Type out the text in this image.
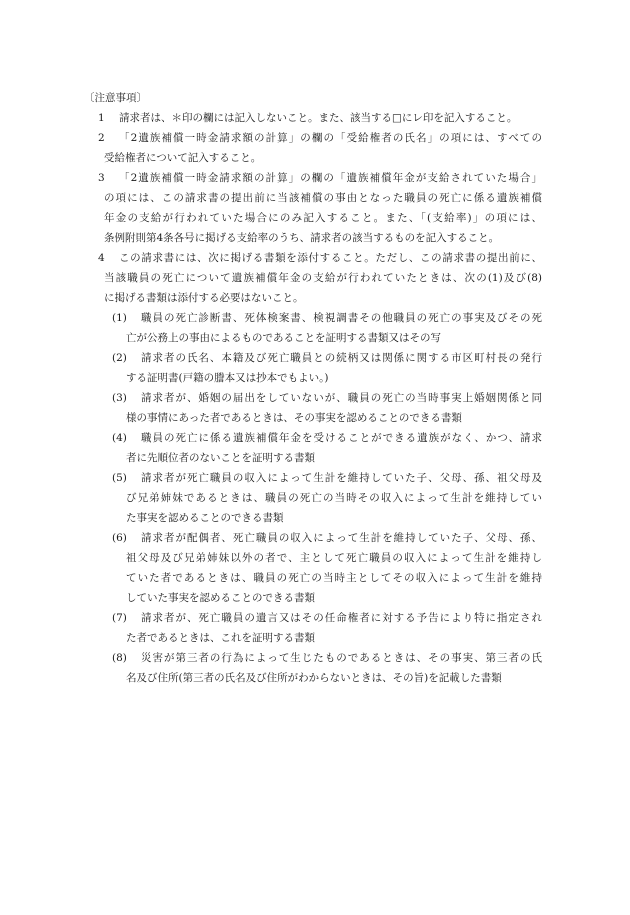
〔注意事項〕
1 請求者は、＊印の欄には記入しないこと。また、該当する□にレ印を記入すること。
2 「2遺族補償一時金請求額の計算」の欄の「受給権者の氏名」の項には、すべての
受給権者について記入すること。
3 「2遺族補償一時金請求額の計算」の欄の「遺族補償年金が支給されていた場合」
の項には、この請求書の提出前に当該補償の事由となった職員の死亡に係る遺族補償
年金の支給が行われていた場合にのみ記入すること。また、「(支給率)」の項には、
条例附則第4条各号に掲げる支給率のうち、請求者の該当するものを記入すること。
4 この請求書には、次に掲げる書類を添付すること。ただし、この請求書の提出前に、
当該職員の死亡について遺族補償年金の支給が行われていたときは、次の(1)及び(8)
に掲げる書類は添付する必要はないこと。
(1) 職員の死亡診断書、死体検案書、検視調書その他職員の死亡の事実及びその死
亡が公務上の事由によるものであることを証明する書類又はその写
(2) 請求者の氏名、本籍及び死亡職員との続柄又は関係に関する市区町村長の発行
する証明書(戸籍の謄本又は抄本でもよい。)
(3) 請求者が、婚姻の届出をしていないが、職員の死亡の当時事実上婚姻関係と同
様の事情にあった者であるときは、その事実を認めることのできる書類
(4) 職員の死亡に係る遺族補償年金を受けることができる遺族がなく、かつ、請求
者に先順位者のないことを証明する書類
(5) 請求者が死亡職員の収入によって生計を維持していた子、父母、孫、祖父母及
び兄弟姉妹であるときは、職員の死亡の当時その収入によって生計を維持してい
た事実を認めることのできる書類
(6) 請求者が配偶者、死亡職員の収入によって生計を維持していた子、父母、孫、
祖父母及び兄弟姉妹以外の者で、主として死亡職員の収入によって生計を維持し
ていた者であるときは、職員の死亡の当時主としてその収入によって生計を維持
していた事実を認めることのできる書類
(7) 請求者が、死亡職員の遺言又はその任命権者に対する予告により特に指定され
た者であるときは、これを証明する書類
(8) 災害が第三者の行為によって生じたものであるときは、その事実、第三者の氏
名及び住所(第三者の氏名及び住所がわからないときは、その旨)を記載した書類
